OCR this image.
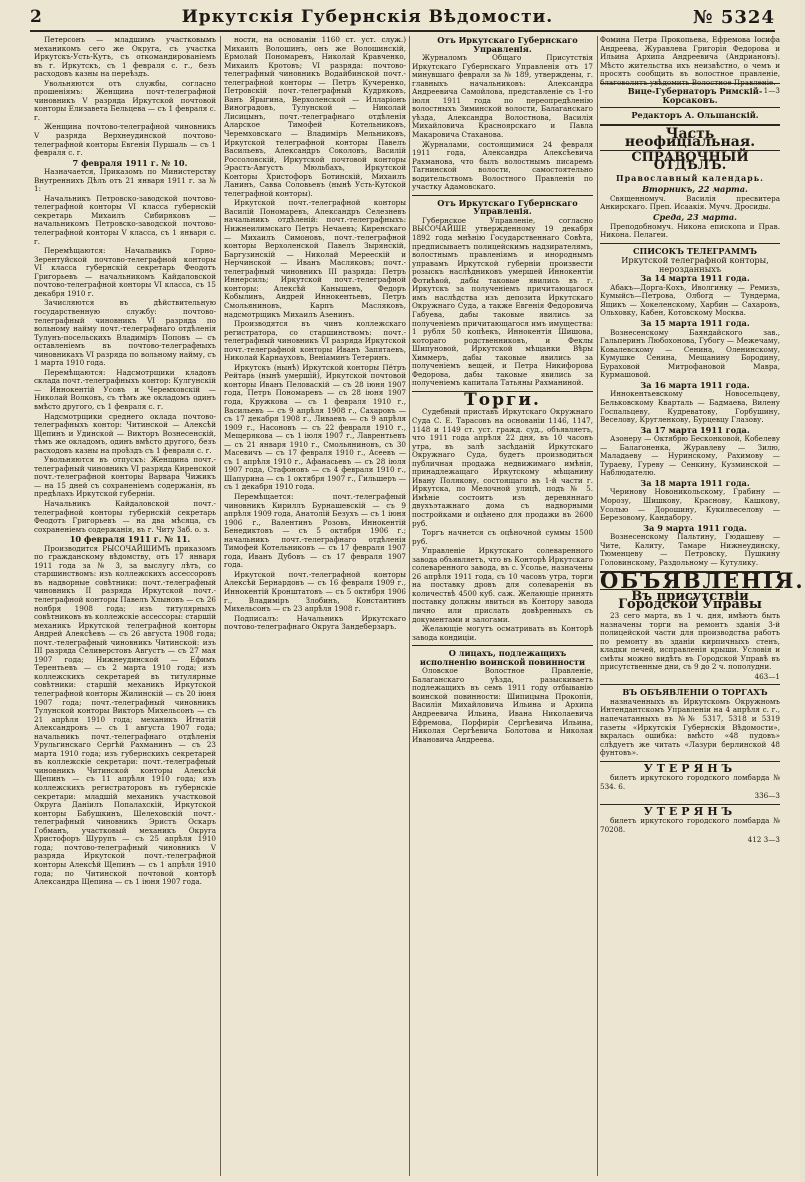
2	Иркутскія Губернскія Вѣдомости.	№ 5324

Петерсонъ — младшимъ участковымъ механикомъ сего же Округа, съ участка Иркутскъ-Усть-Кутъ, съ откомандированіемъ въ г. Иркутскъ, съ 1 февраля с. г., безъ расходовъ казны на переѣздъ.

Увольняются отъ службы, согласно прошеніямъ: Женщина почт-телеграфной чиновникъ V разряда Иркутской почтовой конторы Елизавета Бельцева — съ 1 февраля с. г.

Женщина почтово-телеграфной чиновникъ V разряда Верхнеудинской почтово-телеграфной конторы Евгенія Пуршаль — съ 1 февраля с. г.

7 февраля 1911 г. № 10.

Назначается, Приказомъ по Министерству Внутреннихъ Дѣлъ отъ 21 января 1911 г. за № 1:

Начальникъ Петровско-заводской почтово-телеграфной конторы VI класса губернскій секретарь Михаилъ Сибиряковъ — начальникомъ Петровско-заводской почтово-телеграфной конторы V класса, съ 1 января с. г.

Перемѣщаются: Начальникъ Горно-Зерентуйской почтово-телеграфной конторы VI класса губернскій секретарь Феодотъ Григорьевъ — начальникомъ Кайдаловской почтово-телеграфной конторы VI класса, съ 15 декабря 1910 г.

Зачисляются въ дѣйствительную государственную службу: почтово-телеграфный чиновникъ VI разряда по вольному найму почт.-телеграфнаго отдѣленія Тулунъ-посельскихъ Владиміръ Поповъ — съ оставленіемъ въ почтово-телеграфныхъ чиновникахъ VI разряда по вольному найму, съ 1 марта 1910 года.

Перемѣщаются: Надсмотрщики кладовъ склада почт.-телеграфныхъ контор: Кулгунскій — Иннокентій Усовъ и Черемховскій — Николай Волковъ, съ тѣмъ же окладомъ одинъ вмѣсто другого, съ 1 февраля с. г.

Надсмотрщики среднего оклада почтово-телеграфныхъ контор: Читинской — Алексѣй Щепинъ и Удинской — Викторъ Вознесенскій, тѣмъ же окладомъ, одинъ вмѣсто другого, безъ расходовъ казны на проѣздъ съ 1 февраля с. г.

Увольняются въ отпускъ: Женщина почт.-телеграфный чиновникъ VI разряда Киренской почт.-телеграфной конторы Варвара Чижикъ — на 15 дней съ сохраненіемъ содержанія, въ предѣлахъ Иркутской губерніи.

Начальникъ Кайдаловской почт.-телеграфной конторы губернскій секретарь Феодотъ Григорьевъ — на два мѣсяца, съ сохраненіемъ содержанія, въ г. Читу Заб. о. з.

10 февраля 1911 г. № 11.

Производится РЫСОЧАЙШИМЪ приказомъ по гражданскому вѣдомству, отъ 17 января 1911 года за № 3, за выслугу лѣтъ, со старшинствомъ: изъ коллежскихъ ассессоровъ въ надворные совѣтники: почт.-телеграфный чиновникъ II разряда Иркутской почт.-телеграфной конторы Павелъ Хлыновъ — съ 26 ноября 1908 года; изъ титулярныхъ совѣтниковъ въ коллежскіе ассессоры: старшій механикъ Иркутской телеграфной конторы Андрей Алексѣевъ — съ 26 августа 1908 года; почт.-телеграфный чиновникъ Читинской: изъ III разряда Селиверстовъ Августъ — съ 27 мая 1907 года; Нижнеудинской — Ефимъ Терентьевъ — съ 2 марта 1910 года; изъ коллежскихъ секретарей въ титулярные совѣтники: старшій механикъ Иркутской телеграфной конторы Жилинскій — съ 20 іюня 1907 года; почт.-телеграфный чиновникъ Тулунской конторы Викторъ Михельсонъ — съ 21 апрѣля 1910 года; механикъ Игнатій Александровъ — съ 1 августа 1907 года; начальникъ почт.-телеграфнаго отдѣленія Урульгинскаго Сергѣй Рахманинъ — съ 23 марта 1910 года; изъ губернскихъ секретарей въ коллежскіе секретари: почт.-телеграфный чиновникъ Читинской конторы Алексѣй Щепинъ — съ 11 апрѣля 1910 года; изъ коллежскихъ регистраторовъ въ губернскіе секретари: младшій механикъ участковой Округа Даніилъ Попалахскій, Иркутской конторы Бабушкинъ, Шелеховскій почт.-телеграфный чиновникъ Эристъ Оскаръ Гобманъ, участковый механикъ Округа Христофоръ Шурупъ — съ 25 апрѣля 1910 года; почтово-телеграфный чиновникъ V разряда Иркутской почт.-телеграфной конторы Алексѣй Щепинъ — съ 1 апрѣля 1910 года; по Читинской почтовой конторѣ Александра Щепина — съ 1 іюня 1907 года.

ности, на основаніи 1160 ст. уст. служ.) Михаилъ Волошинъ, онъ же Волошинскій, Ермолай Пономаревъ, Николай Кравченко, Михаилъ Кротовъ; VI разряда: почтово-телеграфный чиновникъ Водайбинской почт.-телеграфной конторы — Петръ Кучеренко, Петровскій почт.-телеграфный Кудряковъ, Ванъ Ярыгина, Верхоленской — Илларіонъ Виноградовъ, Тулунской — Николай Лисицынъ, почт.-телеграфнаго отдѣленія Аларское Тимофей Котельниковъ, Черемховскаго — Владиміръ Мельниковъ, Иркутской телеграфной конторы Павелъ Васильевъ, Александръ Соколовъ, Василій Россоловскій, Иркутской почтовой конторы Эрастъ-Августъ Мюльбахъ, Иркутской Конторы Христофоръ Ботинскій, Михаилъ Ланинъ, Савва Соловьевъ (нынѣ Усть-Кутской телеграфной конторы).

Иркутской почт.-телеграфной конторы Василій Пономаревъ, Александръ Селезневъ начальникъ отдѣленій: почт.-телеграфныхъ: Нижнеилимскаго Петръ Нечаевъ; Киренскаго — Михаилъ Симоновъ, почт.-телеграфной конторы Верхоленской Павелъ Зырянскій, Баргузинскій — Николай Мереескій и Нерчинской — Иванъ Масляковъ; почт.-телеграфный чиновникъ III разряда: Петръ Иннерсиль; Иркутской почт.-телеграфной конторы: Алексѣй Канышевъ, Федоръ Кобылинъ, Андрей Иннокентьевъ, Петръ Смольяниновъ, Карпъ Масляковъ, надсмотрщикъ Михаилъ Азенинъ.

Производятся въ чинъ коллежскаго регистратора, со старшинствомъ: почт.-телеграфный чиновникъ VI разряда Иркутской почт.-телеграфной конторы Иванъ Запятаевъ, Николай Карнауховъ, Веніаминъ Тетеринъ.

Иркутскъ (нынѣ) Иркутской конторы Пётръ Рейтарь (нынѣ умершій), Иркутской почтовой конторы Иванъ Пеловаскій — съ 28 іюня 1907 года, Петръ Пономаревъ — съ 28 іюня 1907 года, Кружкова — съ 1 февраля 1910 г., Васильевъ — съ 9 апрѣля 1908 г., Сахаровъ — съ 17 декабря 1908 г., Ливаевъ — съ 9 апрѣля 1909 г., Насоновъ — съ 22 февраля 1910 г., Мещерякова — съ 1 іюля 1907 г., Лаврентьевъ — съ 21 января 1910 г., Смольяниновъ, съ 30 Масевичъ — съ 17 февраля 1910 г., Асеевъ — съ 1 апрѣля 1910 г., Афанасьевъ — съ 28 іюля 1907 года, Стафоновъ — съ 4 февраля 1910 г., Шапурина — съ 1 октября 1907 г., Гильшеръ — съ 1 декабря 1910 года.

Перемѣщается: почт.-телеграфный чиновникъ Кириллъ Бурнашевскій — съ 9 апрѣля 1909 года, Анатолій Безухъ — съ 1 іюня 1906 г., Валентинъ Розовъ, Иннокентій Бенедиктовъ — съ 5 октября 1906 г.; начальникъ почт.-телеграфнаго отдѣленія Тимофей Котельниковъ — съ 17 февраля 1907 года, Иванъ Дубовъ — съ 17 февраля 1907 года.

Иркутской почт.-телеграфной конторы Алексѣй Бернардовъ — съ 16 февраля 1909 г., Иннокентій Кронштатовъ — съ 5 октября 1906 г., Владиміръ Злобинъ, Константинъ Михельсонъ — съ 23 апрѣля 1908 г.

Подписалъ: Начальникъ Иркутскаго почтово-телеграфнаго Округа Зандеберзаръ.

Отъ Иркутскаго Губернскаго Управленія.

Журналомъ Общаго Присутствія Иркутскаго Губернскаго Управленія отъ 17 минувшаго февраля за № 189, утверждены, г. главныхъ начальниковъ: Александра Андреевича Самойлова, представленіе съ 1-го іюля 1911 года по переопредѣленію волостныхъ Зиминской волости, Балаганскаго уѣзда, Александра Волостнова, Василія Михайловича Красноярскаго и Павла Макаровича Стаханова.

Журналами, состоящимися 24 февраля 1911 года, Александра Алексѣевича Рахманова, что былъ волостнымъ писаремъ Тагнинской волости, самостоятельно водительствомъ Волостного Правленія по участку Адамовскаго.

Отъ Иркутскаго Губернскаго Управленія.

Губернское Управленіе, согласно ВЫСОЧАЙШЕ утвержденному 19 декабря 1892 года мнѣнію Государственнаго Совѣта, предписываетъ полицейскимъ надзирателямъ, волостнымъ правленіямъ и инороднымъ управамъ Иркутской губерніи произвести розыскъ наслѣдниковъ умершей Иннокентіи Фотиѣвой, дабы таковые явились въ г. Иркутскъ за полученіемъ причитающагося имъ наслѣдства изъ депозита Иркутскаго Окружнаго Суда, а также Евгенія Федоровича Габуева, дабы таковые явились за полученіемъ причитающагося имъ имущества: 1 рубля 50 копѣекъ, Иннокентія Шишова, котораго родственниковъ, и Феклы Шипуновой, Иркутской мѣщанки Вѣры Химмеръ, дабы таковые явились за полученіемъ вещей, и Петра Никифорова Федорова, дабы таковые явились за полученіемъ капитала Татьяны Рахманиной.

Торги.

Судебный приставъ Иркутскаго Окружнаго Суда С. Е. Тарасовъ на основаніи 1146, 1147, 1148 и 1149 ст. уст. гражд. суд., объявляетъ, что 1911 года апрѣля 22 дня, въ 10 часовъ утра, въ залѣ засѣданій Иркутскаго Окружнаго Суда, будетъ производиться публичная продажа недвижимаго имѣнія, принадлежащаго Иркутскому мѣщанину Ивану Полякову, состоящаго въ 1-й части г. Иркутска, по Мелочной улицѣ, подъ № 5. Имѣніе состоитъ изъ деревяннаго двухъэтажнаго дома съ надворными постройками и оцѣнено для продажи въ 2600 руб.

Торгъ начнется съ оцѣночной суммы 1500 руб.

Управленіе Иркутскаго солеваренного завода объявляетъ, что въ Конторѣ Иркутскаго солеваренного завода, въ с. Усолье, назначены 26 апрѣля 1911 года, съ 10 часовъ утра, торги на поставку дровъ для солеваренія въ количествѣ 4500 куб. саж. Желающіе принять поставку должны явиться въ Контору завода лично или прислать довѣренныхъ съ документами и залогами.

Желающіе могутъ осматривать въ Конторѣ завода кондиціи.

О лицахъ, подлежащихъ исполненію воинской повинности

Оловское Волостное Правленіе, Балаганскаго уѣзда, разыскиваетъ подлежащихъ въ семъ 1911 году отбыванію воинской повинности: Шипицына Прокопія, Василія Михайловича Ильина и Архипа Андреевича Ильина, Ивана Николаевича Ефремова, Порфирія Сергѣевича Ильина, Николая Сергѣевича Болотова и Николая Ивановича Андреева.

Фомина Петра Прокопьева, Ефремова Іосифа Андреева, Журавлева Григорія Федорова и Ильина Архипа Андреевича (Андриановъ). Мѣсто жительства ихъ неизвѣстно, о чемъ и просятъ сообщить въ волостное правленіе, благоволитъ увѣдомить Волостное Правленіе.

1—3

Вице-Губернаторъ Римскій-Корсаковъ.

Редакторъ А. Ольшанскій.

Часть неофиціальная.
СПРАВОЧНЫЙ ОТДѢЛЪ.
Православный календарь.

Вторникъ, 22 марта.

Священномуч. Василія пресвитера Анкирскаго. Преп. Исаакія. Мучч. Дросиды.

Среда, 23 марта.

Преподобномуч. Никона епископа и Прав. Никона. Пелагеи.

СПИСОКЪ ТЕЛЕГРАММЪ

Иркутской телеграфной конторы, нерозданныхъ

За 14 марта 1911 года.

Абакъ—Дорга-Кохъ, Иволгинку — Ремизъ, Кумыйсъ—Петрова, Олбогд — Тундерма, Ящикъ — Хокеленскому, Харбин — Сахаровъ, Ольховку, Кабен, Котовскому Москва.

За 15 марта 1911 года.

Вознесенскому Баяндайского зав., Гальперинъ Любохонова, Губогу — Межечаму, Ковалевскому — Сенина, Оленинскому, Кумушке Сенина, Мещанину Бородину, Бураховой Митрофановой Мавра, Курмашовой.

За 16 марта 1911 года.

Иннокентьевскому Новосельцеву, Бельковскому Кварталь — Бадмаева, Вилену Госпальцеву, Кудреватову, Горбушину, Веселову, Кругленкову, Бурцевцу Глазову.

За 17 марта 1911 года.

Азонеру — Октябрю Бесконковой, Кобелеву — Балагоненка, Журавлеву — Зилю, Маладаеву — Нуринскому, Рахимову — Тураеву, Гуреву — Сенкину, Кузминской — Наблюдателю.

За 18 марта 1911 года.

Черинову Новоникольскому, Грабину — Морозу, Шишкову, Краснову, Кашкову, Усолью — Дорошину, Кукилвеселову — Березовому, Кандабору.

За 9 марта 1911 года.

Вознесенскому Пальтину, Гюдашеву — Чите, Калиту, Тамаре Нижнеудинску, Тюменцеву — Петровску, Пушкину Головинскому, Раздольному — Кутулику.

ОБЪЯВЛЕНІЯ.
Въ присутствіи Городской Управы

23 сего марта, въ 1 ч. дня, имѣютъ быть назначены торги на ремонтъ зданія 3-й полицейской части для производства работъ по ремонту въ зданіи кирпичныхъ стенъ, кладки печей, исправленія крыши. Условія и смѣты можно видѣть въ Городской Управѣ въ присутственные дни, съ 9 до 2 ч. пополудни.

463—1

ВЪ ОБЪЯВЛЕНІИ О ТОРГАХЪ

назначенныхъ въ Иркутскомъ Окружномъ Интендантскомъ Управленіи на 4 апрѣля с. г., напечатанныхъ въ №№ 5317, 5318 и 5319 газеты «Иркутскія Губернскія Вѣдомости», вкралась ошибка: вмѣсто «48 пудовъ» слѣдуетъ же читать «Лазури берлинской 48 фунтовъ».

УТЕРЯНЪ

билетъ иркутского городского ломбарда № 534. 6.

336—3
УТЕРЯНЪ

билетъ иркутского городского ломбарда № 70208.

412 3—3
